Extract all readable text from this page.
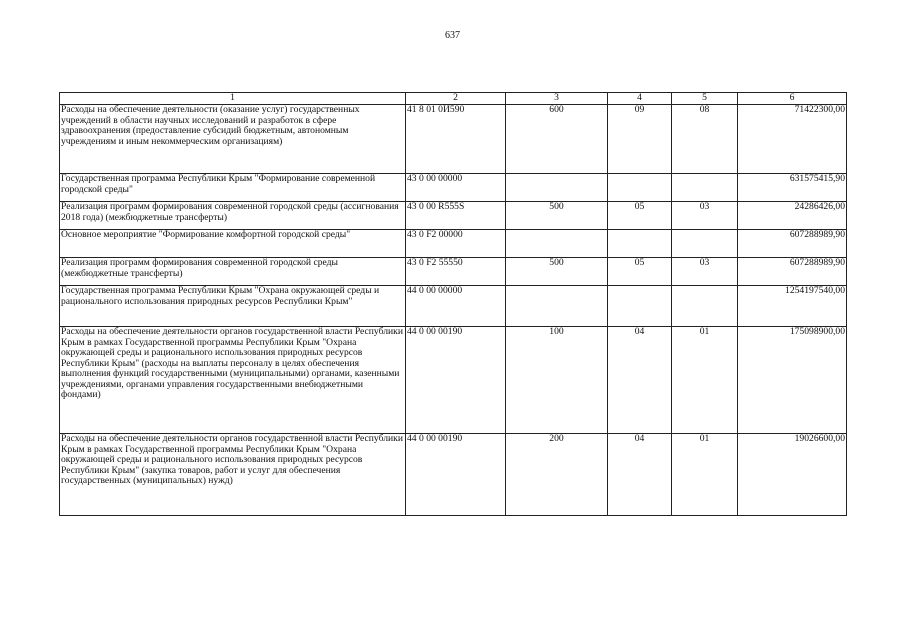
637
1	2	3	4	5	6
Расходы на обеспечение деятельности (оказание услуг) государственных учреждений в области научных исследований и разработок в сфере здравоохранения (предоставление субсидий бюджетным, автономным учреждениям и иным некоммерческим организациям)	41 8 01 0И590	600	09	08	71422300,00
Государственная программа Республики Крым "Формирование современной городской среды"	43 0 00 00000				631575415,90
Реализация программ формирования современной городской среды (ассигнования 2018 года) (межбюджетные трансферты)	43 0 00 R555S	500	05	03	24286426,00
Основное мероприятие "Формирование комфортной городской среды"	43 0 F2 00000				607288989,90
Реализация программ формирования современной городской среды (межбюджетные трансферты)	43 0 F2 55550	500	05	03	607288989,90
Государственная программа Республики Крым "Охрана окружающей среды и рационального использования природных ресурсов Республики Крым"	44 0 00 00000				1254197540,00
Расходы на обеспечение деятельности органов государственной власти Республики Крым в рамках Государственной программы Республики Крым "Охрана окружающей среды и рационального использования природных ресурсов Республики Крым" (расходы на выплаты персоналу в целях обеспечения выполнения функций государственными (муниципальными) органами, казенными учреждениями, органами управления государственными внебюджетными фондами)	44 0 00 00190	100	04	01	175098900,00
Расходы на обеспечение деятельности органов государственной власти Республики Крым в рамках Государственной программы Республики Крым "Охрана окружающей среды и рационального использования природных ресурсов Республики Крым" (закупка товаров, работ и услуг для обеспечения государственных (муниципальных) нужд)	44 0 00 00190	200	04	01	19026600,00
